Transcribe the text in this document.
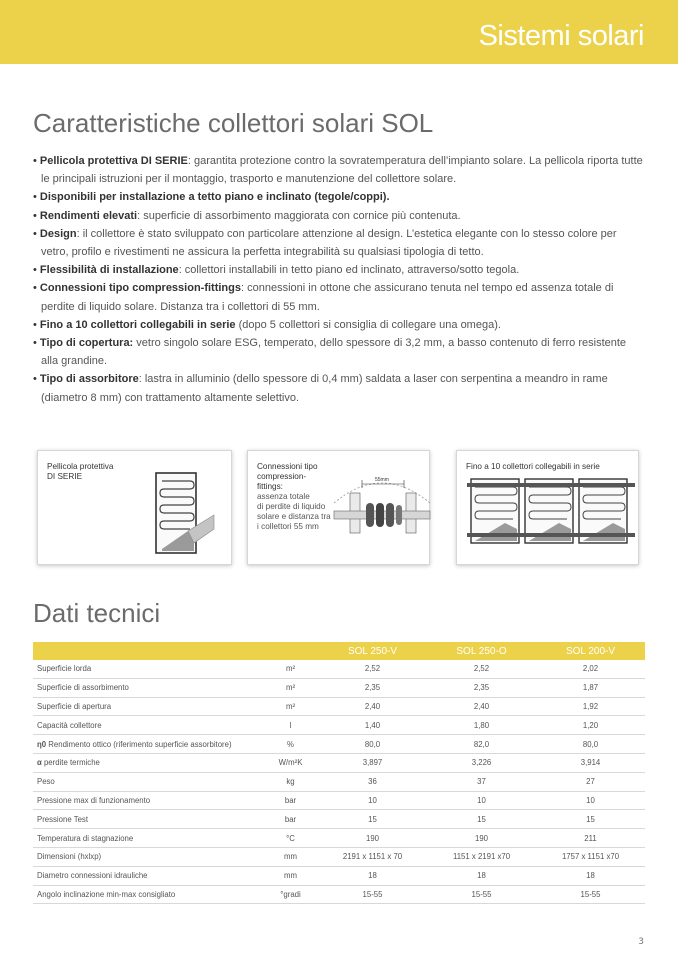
Sistemi solari
Caratteristiche collettori solari SOL
• Pellicola protettiva DI SERIE: garantita protezione contro la sovratemperatura dell’impianto solare. La pellicola riporta tutte le principali istruzioni per il montaggio, trasporto e manutenzione del collettore solare.
• Disponibili per installazione a tetto piano e inclinato (tegole/coppi).
• Rendimenti elevati: superficie di assorbimento maggiorata con cornice più contenuta.
• Design: il collettore è stato sviluppato con particolare attenzione al design. L’estetica elegante con lo stesso colore per vetro, profilo e rivestimenti ne assicura la perfetta integrabilità su qualsiasi tipologia di tetto.
• Flessibilità di installazione: collettori installabili in tetto piano ed inclinato, attraverso/sotto tegola.
• Connessioni tipo compression-fittings: connessioni in ottone che assicurano tenuta nel tempo ed assenza totale di perdite di liquido solare. Distanza tra i collettori di 55 mm.
• Fino a 10 collettori collegabili in serie (dopo 5 collettori si consiglia di collegare una omega).
• Tipo di copertura: vetro singolo solare ESG, temperato, dello spessore di 3,2 mm, a basso contenuto di ferro resistente alla grandine.
• Tipo di assorbitore: lastra in alluminio (dello spessore di 0,4 mm) saldata a laser con serpentina a meandro in rame (diametro 8 mm) con trattamento altamente selettivo.
Pellicola protettiva
DI SERIE
Connessioni tipo
compression-
fittings:
assenza totale
di perdite di liquido
solare e distanza tra
i collettori 55 mm
55mm
Fino a 10 collettori collegabili in serie
Dati tecnici
		SOL 250-V	SOL 250-O	SOL 200-V
Superficie lorda	m²	2,52	2,52	2,02
Superficie di assorbimento	m²	2,35	2,35	1,87
Superficie di apertura	m²	2,40	2,40	1,92
Capacità collettore	l	1,40	1,80	1,20
η0 Rendimento ottico (riferimento superficie assorbitore)	%	80,0	82,0	80,0
α perdite termiche	W/m²K	3,897	3,226	3,914
Peso	kg	36	37	27
Pressione max di funzionamento	bar	10	10	10
Pressione Test	bar	15	15	15
Temperatura di stagnazione	°C	190	190	211
Dimensioni (hxlxp)	mm	2191 x 1151 x 70	1151 x 2191 x70	1757 x 1151 x70
Diametro connessioni idrauliche	mm	18	18	18
Angolo inclinazione min-max consigliato	°gradi	15-55	15-55	15-55
3
